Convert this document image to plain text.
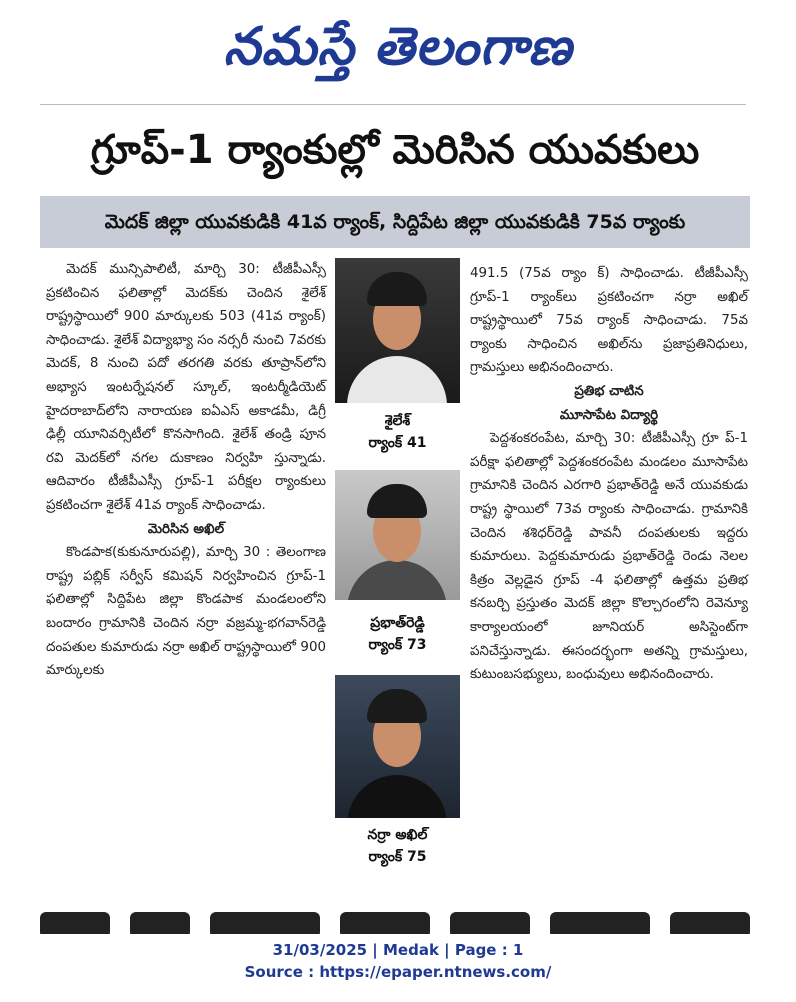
నమస్తే తెలంగాణ
గ్రూప్‌-1 ర్యాంకుల్లో మెరిసిన యువకులు
మెదక్‌ జిల్లా యువకుడికి 41వ ర్యాంక్‌, సిద్దిపేట జిల్లా యువకుడికి 75వ ర్యాంకు

మెదక్‌ మున్సిపాలిటీ, మార్చి 30: టీజీపీఎస్సీ ప్రకటించిన ఫలితాల్లో మెదక్‌కు చెందిన శైలేశ్‌ రాష్ట్రస్థాయిలో 900 మార్కులకు 503 (41వ ర్యాంక్‌) సాధించాడు. శైలేశ్‌ విద్యాభ్యా సం నర్సరీ నుంచి 7వరకు మెదక్‌, 8 నుంచి పదో తరగతి వరకు తూప్రాన్‌లోని అభ్యాస ఇంటర్నేషనల్‌ స్కూల్‌, ఇంటర్మీడియెట్‌ హైదరాబాద్‌లోని నారాయణ ఐఏఎస్‌ అకాడమీ, డిగ్రీ ఢిల్లీ యూనివర్సిటీలో కొనసాగింది. శైలేశ్‌ తండ్రి పూన రవి మెదక్‌లో నగల దుకాణం నిర్వహి స్తున్నాడు. ఆదివారం టీజీపీఎస్సీ గ్రూప్‌-1 పరీక్షల ర్యాంకులు ప్రకటించగా శైలేశ్‌ 41వ ర్యాంక్‌ సాధించాడు.

మెరిసిన అఖిల్‌

కొండపాక(కుకునూరుపల్లి), మార్చి 30 : తెలంగాణ రాష్ట్ర పబ్లిక్‌ సర్వీస్‌ కమిషన్‌ నిర్వహించిన గ్రూప్‌-1 ఫలితాల్లో సిద్దిపేట జిల్లా కొండపాక మండలంలోని బందారం గ్రామానికి చెందిన నర్రా వజ్రమ్మ-భగవాన్‌రెడ్డి దంపతుల కుమారుడు నర్రా అఖిల్‌ రాష్ట్రస్థాయిలో 900 మార్కులకు

శైలేశ్‌
ర్యాంక్‌ 41
ప్రభాత్‌రెడ్డి
ర్యాంక్‌ 73
నర్రా అఖిల్‌
ర్యాంక్‌ 75

491.5 (75వ ర్యాం క్‌) సాధించాడు. టీజీపీఎస్సీ గ్రూప్‌-1 ర్యాంక్‌లు ప్రకటించగా నర్రా అఖిల్‌ రాష్ట్రస్థాయిలో 75వ ర్యాంక్‌ సాధించాడు. 75వ ర్యాంకు సాధించిన అఖిల్‌ను ప్రజాప్రతినిధులు, గ్రామస్తులు అభినందించారు.

ప్రతిభ చాటిన

మూసాపేట విద్యార్థి

పెద్దశంకరంపేట, మార్చి 30: టీజీపీఎస్సీ గ్రూ ప్‌-1 పరీక్షా ఫలితాల్లో పెద్దశంకరంపేట మండలం మూసాపేట గ్రామానికి చెందిన ఎరగారి ప్రభాత్‌రెడ్డి అనే యువకుడు రాష్ట్ర స్థాయిలో 73వ ర్యాంకు సాధించాడు. గ్రామానికి చెందిన శశిధర్‌రెడ్డి పావనీ దంపతులకు ఇద్దరు కుమారులు. పెద్దకుమారుడు ప్రభాత్‌రెడ్డి రెండు నెలల కిత్రం వెల్లడైన గ్రూప్‌ -4 ఫలితాల్లో ఉత్తమ ప్రతిభ కనబర్చి ప్రస్తుతం మెదక్‌ జిల్లా కొల్చారంలోని రెవెన్యూ కార్యాలయంలో జూనియర్‌ అసిస్టెంట్‌గా పనిచేస్తున్నాడు. ఈసందర్భంగా అతన్ని గ్రామస్తులు, కుటుంబసభ్యులు, బంధువులు అభినందించారు.

31/03/2025 | Medak | Page : 1
Source : https://epaper.ntnews.com/
